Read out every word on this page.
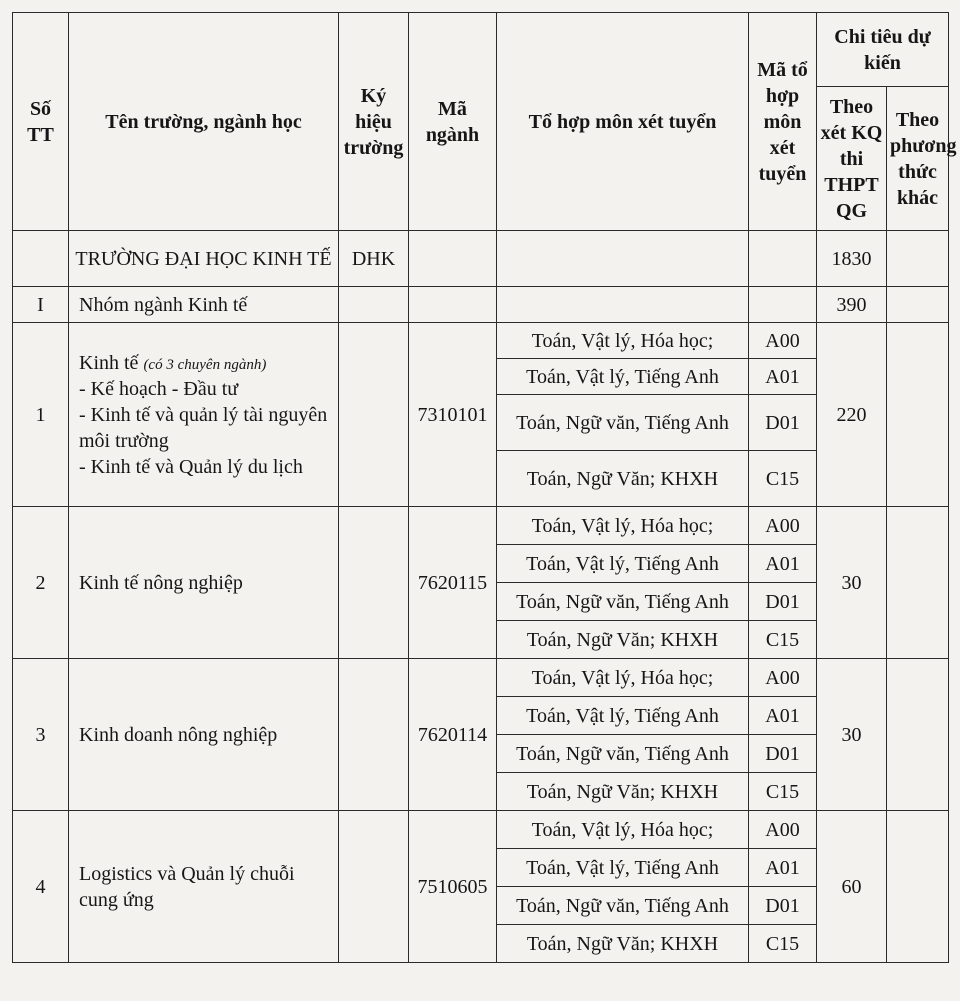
Số TT	Tên trường, ngành học	Ký hiệu trường	Mã ngành	Tổ hợp môn xét tuyển	Mã tổ hợp môn xét tuyển	Chi tiêu dự kiến	
						Theo xét KQ thi THPT QG	Theo phương thức khác
	TRƯỜNG ĐẠI HỌC KINH TẾ	DHK				1830	
I	Nhóm ngành Kinh tế					390	
1	Kinh tế (có 3 chuyên ngành)
- Kế hoạch - Đầu tư
- Kinh tế và quản lý tài nguyên môi trường
- Kinh tế và Quản lý du lịch		7310101	Toán, Vật lý, Hóa học;	A00	220	
				Toán, Vật lý, Tiếng Anh	A01		
				Toán, Ngữ văn, Tiếng Anh	D01		
				Toán, Ngữ Văn; KHXH	C15		
2	Kinh tế nông nghiệp		7620115	Toán, Vật lý, Hóa học;	A00	30	
				Toán, Vật lý, Tiếng Anh	A01		
				Toán, Ngữ văn, Tiếng Anh	D01		
				Toán, Ngữ Văn; KHXH	C15		
3	Kinh doanh nông nghiệp		7620114	Toán, Vật lý, Hóa học;	A00	30	
				Toán, Vật lý, Tiếng Anh	A01		
				Toán, Ngữ văn, Tiếng Anh	D01		
				Toán, Ngữ Văn; KHXH	C15		
4	Logistics và Quản lý chuỗi cung ứng		7510605	Toán, Vật lý, Hóa học;	A00	60	
				Toán, Vật lý, Tiếng Anh	A01		
				Toán, Ngữ văn, Tiếng Anh	D01		
				Toán, Ngữ Văn; KHXH	C15		
